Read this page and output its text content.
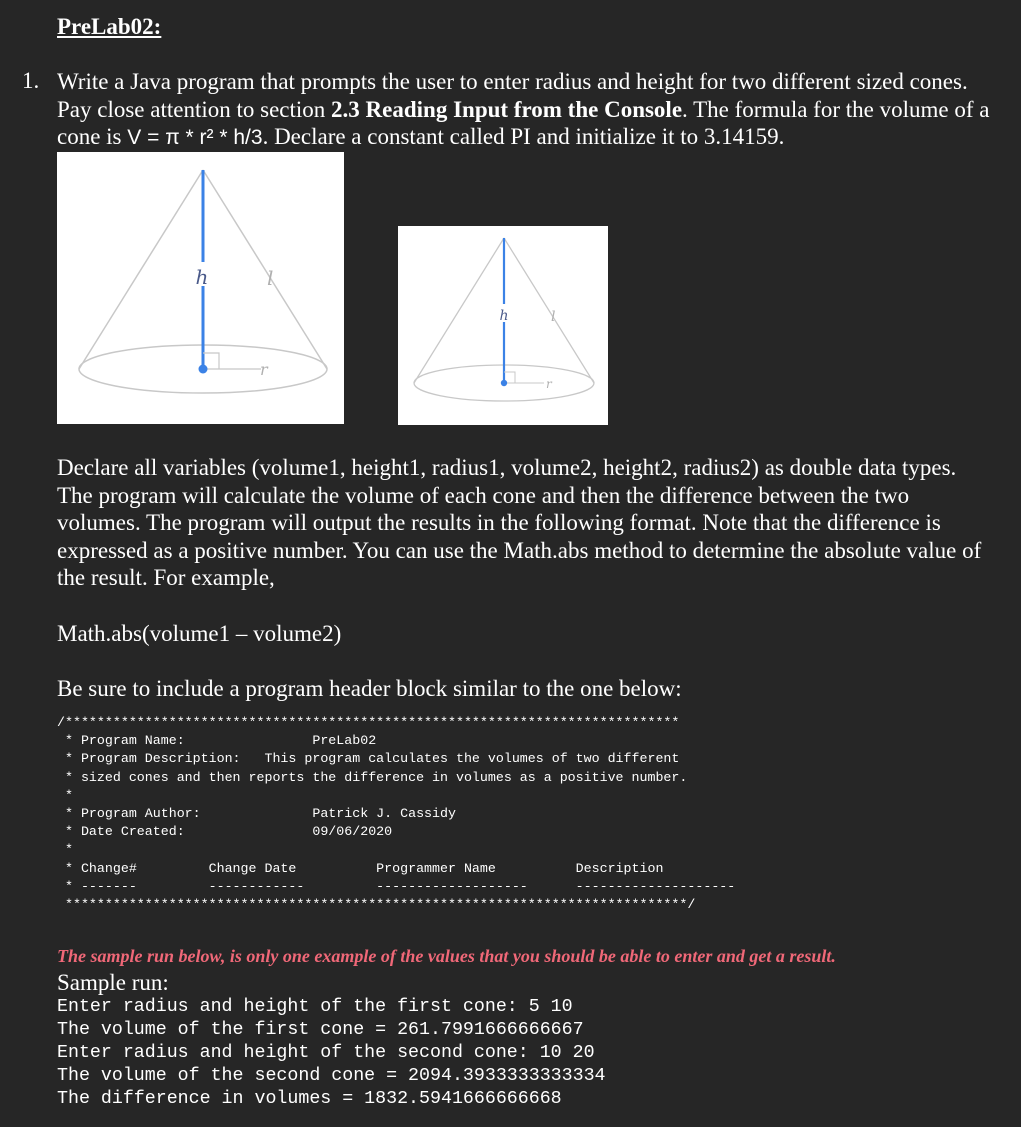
PreLab02:
1. Write a Java program that prompts the user to enter radius and height for two different sized cones. Pay close attention to section 2.3 Reading Input from the Console. The formula for the volume of a cone is V = π * r² * h/3. Declare a constant called PI and initialize it to 3.14159.
h	l
r
h	l
r
Declare all variables (volume1, height1, radius1, volume2, height2, radius2) as double data types. The program will calculate the volume of each cone and then the difference between the two volumes. The program will output the results in the following format. Note that the difference is expressed as a positive number. You can use the Math.abs method to determine the absolute value of the result. For example,
Math.abs(volume1 – volume2)
Be sure to include a program header block similar to the one below:
/*****************************************************************************
* Program Name:                PreLab02
* Program Description:   This program calculates the volumes of two different
* sized cones and then reports the difference in volumes as a positive number.
*
* Program Author:              Patrick J. Cassidy
* Date Created:                09/06/2020
*
* Change#         Change Date          Programmer Name          Description
* -------         ------------         -------------------      --------------------
******************************************************************************/
The sample run below, is only one example of the values that you should be able to enter and get a result.
Sample run:
Enter radius and height of the first cone: 5 10
The volume of the first cone = 261.7991666666667
Enter radius and height of the second cone: 10 20
The volume of the second cone = 2094.3933333333334
The difference in volumes = 1832.5941666666668
